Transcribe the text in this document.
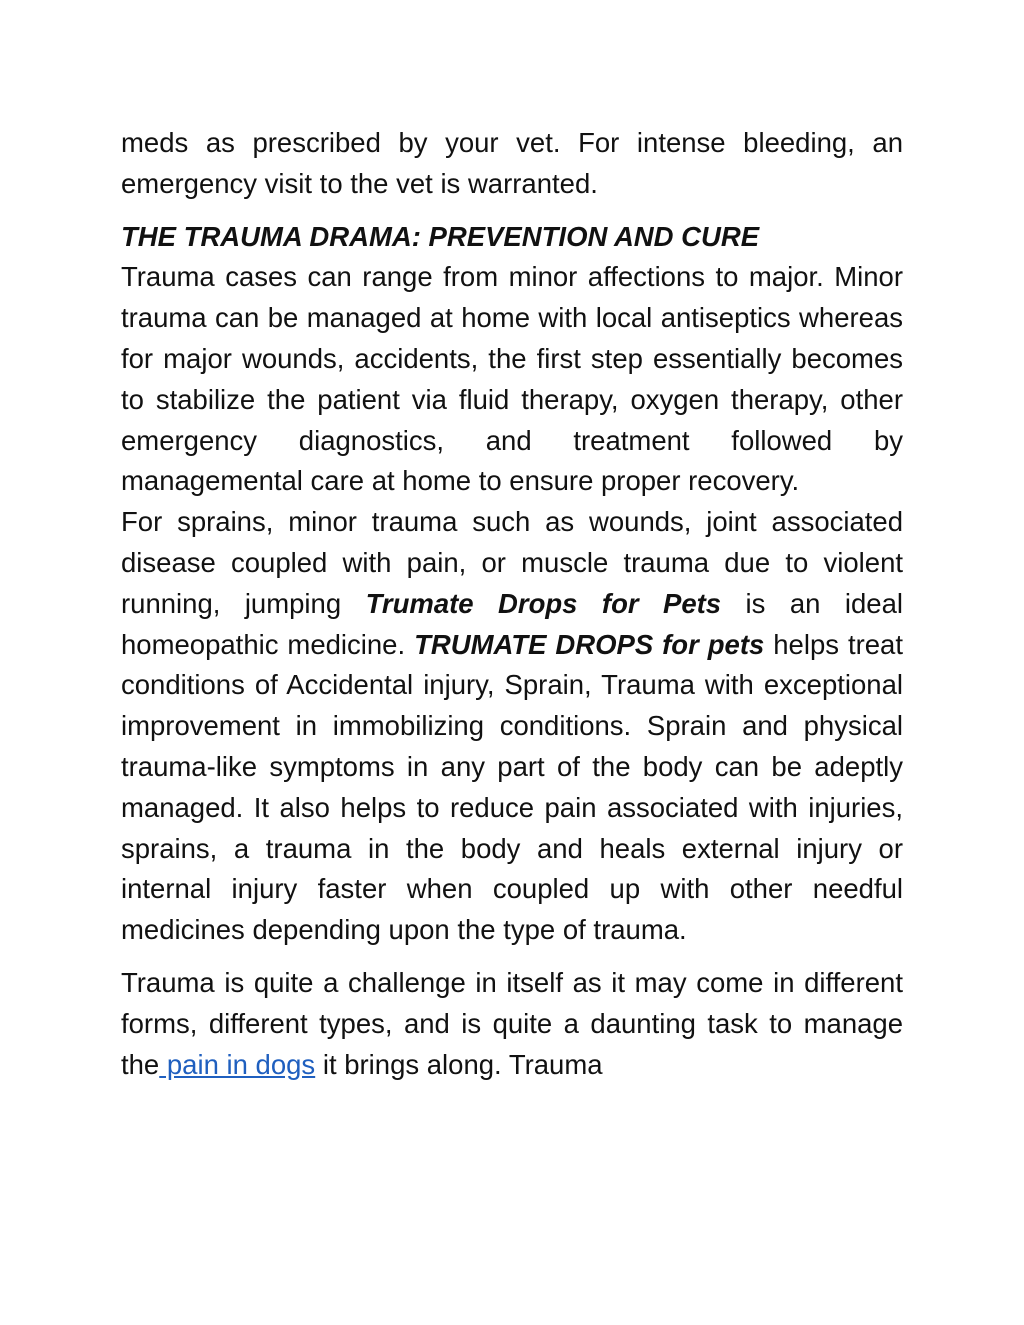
meds as prescribed by your vet. For intense bleeding, an emergency visit to the vet is warranted.

THE TRAUMA DRAMA: PREVENTION AND CURE

Trauma cases can range from minor affections to major. Minor trauma can be managed at home with local antiseptics whereas for major wounds, accidents, the first step essentially becomes to stabilize the patient via fluid therapy, oxygen therapy, other emergency diagnostics, and treatment followed by managemental care at home to ensure proper recovery.

For sprains, minor trauma such as wounds, joint associated disease coupled with pain, or muscle trauma due to violent running, jumping Trumate Drops for Pets is an ideal homeopathic medicine. TRUMATE DROPS for pets helps treat conditions of Accidental injury, Sprain, Trauma with exceptional improvement in immobilizing conditions. Sprain and physical trauma-like symptoms in any part of the body can be adeptly managed. It also helps to reduce pain associated with injuries, sprains, a trauma in the body and heals external injury or internal injury faster when coupled up with other needful medicines depending upon the type of trauma.

Trauma is quite a challenge in itself as it may come in different forms, different types, and is quite a daunting task to manage the pain in dogs it brings along. Trauma
